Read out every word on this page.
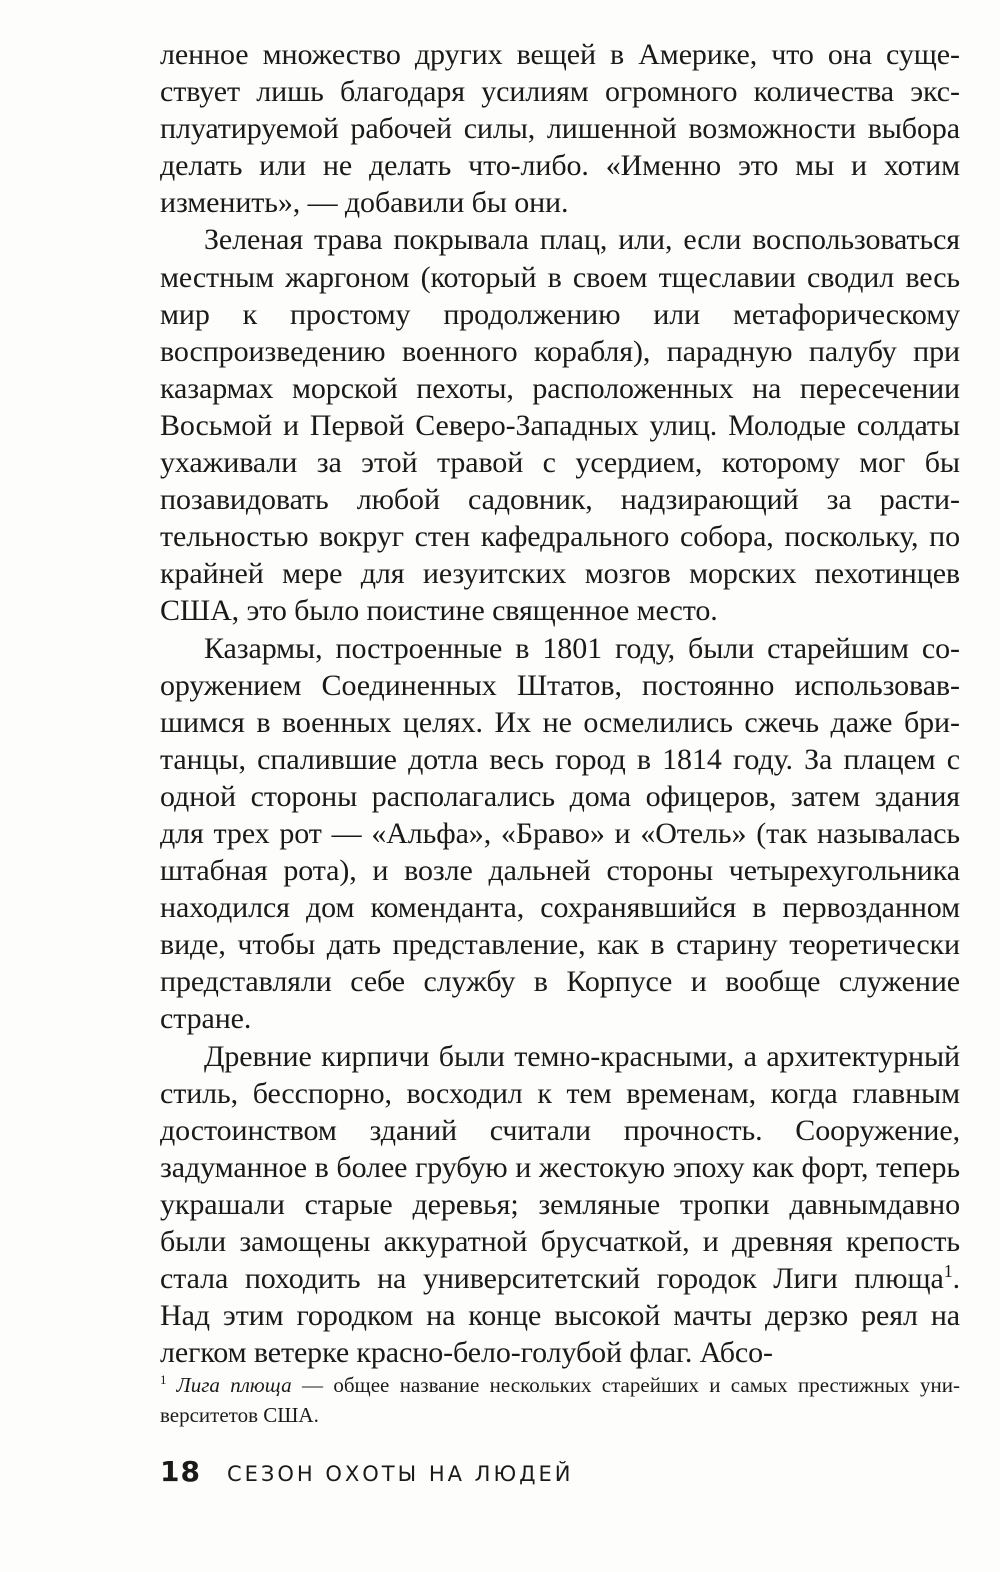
ленное множество других вещей в Америке, что она существует лишь благодаря усилиям огромного количества эксплуатируемой рабочей силы, лишенной возможности выбора делать или не делать что-либо. «Именно это мы и хотим изменить», — добавили бы они.

Зеленая трава покрывала плац, или, если воспользоваться местным жаргоном (который в своем тщеславии сводил весь мир к простому продолжению или метафорическому воспроизведению военного корабля), парадную палубу при казармах морской пехоты, расположенных на пересечении Восьмой и Первой Северо-Западных улиц. Молодые солдаты ухаживали за этой травой с усердием, которому мог бы позавидовать любой садовник, надзирающий за растительностью вокруг стен кафедрального собора, поскольку, по крайней мере для иезуитских мозгов морских пехотинцев США, это было поистине священное место.

Казармы, построенные в 1801 году, были старейшим сооружением Соединенных Штатов, постоянно использовавшимся в военных целях. Их не осмелились сжечь даже британцы, спалившие дотла весь город в 1814 году. За плацем с одной стороны располагались дома офицеров, затем здания для трех рот — «Альфа», «Браво» и «Отель» (так называлась штабная рота), и возле дальней стороны четырехугольника находился дом коменданта, сохранявшийся в первозданном виде, чтобы дать представление, как в старину теоретически представляли себе службу в Корпусе и вообще служение стране.

Древние кирпичи были темно-красными, а архитектурный стиль, бесспорно, восходил к тем временам, когда главным достоинством зданий считали прочность. Сооружение, задуманное в более грубую и жестокую эпоху как форт, теперь украшали старые деревья; земляные тропки давнымдавно были замощены аккуратной брусчаткой, и древняя крепость стала походить на университетский городок Лиги плюща$^1$. Над этим городком на конце высокой мачты дерзко реял на легком ветерке красно-бело-голубой флаг. Абсо-

$^1$ Лига плюща — общее название нескольких старейших и самых престижных университетов США.
18 СЕЗОН ОХОТЫ НА ЛЮДЕЙ
